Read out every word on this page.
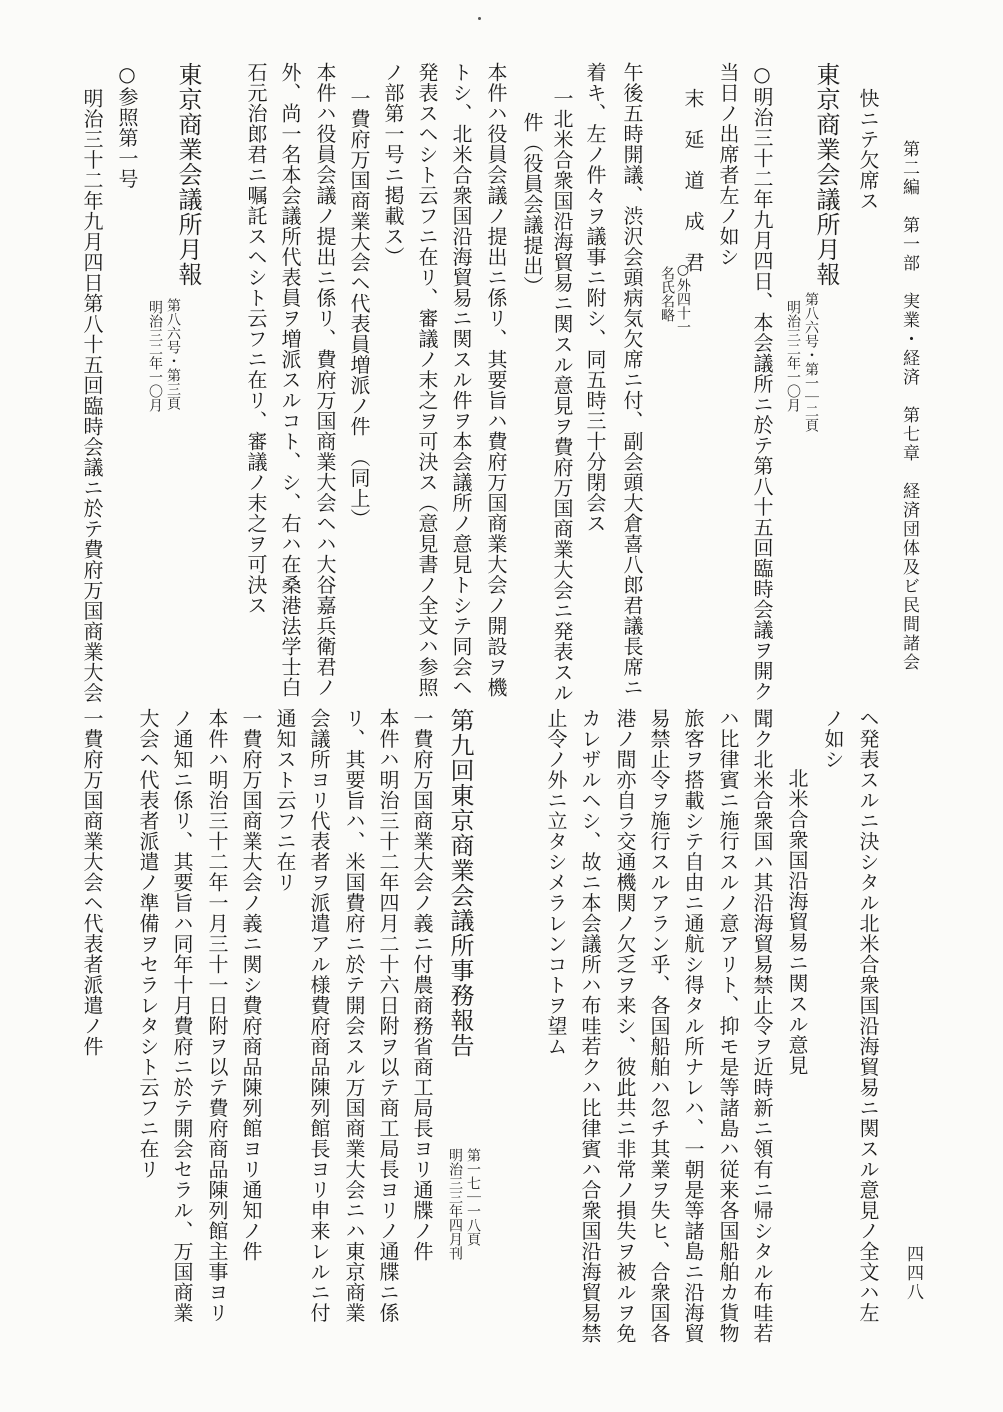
第二編　第一部　実業・経済　第七章　経済団体及ビ民間諸会
四四八
快ニテ欠席ス
東京商業会議所月報
第八六号・第一｜二頁
明治三二年一〇月
○明治三十二年九月四日、本会議所ニ於テ第八十五回臨時会議ヲ開ク
当日ノ出席者左ノ如シ
末　延　道　成　君
○外四十一
名氏名略
午後五時開議、渋沢会頭病気欠席ニ付、副会頭大倉喜八郎君議長席ニ
着キ、左ノ件々ヲ議事ニ附シ、同五時三十分閉会ス
一北米合衆国沿海貿易ニ関スル意見ヲ費府万国商業大会ニ発表スル
件（役員会議提出）
本件ハ役員会議ノ提出ニ係リ、其要旨ハ費府万国商業大会ノ開設ヲ機
トシ、北米合衆国沿海貿易ニ関スル件ヲ本会議所ノ意見トシテ同会ヘ
発表スヘシト云フニ在リ、審議ノ末之ヲ可決ス（意見書ノ全文ハ参照
ノ部第一号ニ掲載ス）
一費府万国商業大会ヘ代表員増派ノ件　（同上）
本件ハ役員会議ノ提出ニ係リ、費府万国商業大会ヘハ大谷嘉兵衛君ノ
外、尚一名本会議所代表員ヲ増派スルコト、シ、右ハ在桑港法学士白
石元治郎君ニ嘱託スヘシト云フニ在リ、審議ノ末之ヲ可決ス
東京商業会議所月報
第八六号・第三頁
明治三二年一〇月
○参照第一号
明治三十二年九月四日第八十五回臨時会議ニ於テ費府万国商業大会
ヘ発表スルニ決シタル北米合衆国沿海貿易ニ関スル意見ノ全文ハ左
ノ如シ
北米合衆国沿海貿易ニ関スル意見
聞ク北米合衆国ハ其沿海貿易禁止令ヲ近時新ニ領有ニ帰シタル布哇若
ハ比律賓ニ施行スルノ意アリト、抑モ是等諸島ハ従来各国船舶カ貨物
旅客ヲ搭載シテ自由ニ通航シ得タル所ナレハ、一朝是等諸島ニ沿海貿
易禁止令ヲ施行スルアラン乎、各国船舶ハ忽チ其業ヲ失ヒ、合衆国各
港ノ間亦自ラ交通機関ノ欠乏ヲ来シ、彼此共ニ非常ノ損失ヲ被ルヲ免
カレザルヘシ、故ニ本会議所ハ布哇若クハ比律賓ハ合衆国沿海貿易禁
止令ノ外ニ立タシメラレンコトヲ望ム
第九回東京商業会議所事務報告
第一七｜一八頁
明治三三年四月刊
一費府万国商業大会ノ義ニ付農商務省商工局長ヨリ通牒ノ件
本件ハ明治三十二年四月二十六日附ヲ以テ商工局長ヨリノ通牒ニ係
リ、其要旨ハ、米国費府ニ於テ開会スル万国商業大会ニハ東京商業
会議所ヨリ代表者ヲ派遣アル様費府商品陳列館長ヨリ申来レルニ付
通知スト云フニ在リ
一費府万国商業大会ノ義ニ関シ費府商品陳列館ヨリ通知ノ件
本件ハ明治三十二年一月三十一日附ヲ以テ費府商品陳列館主事ヨリ
ノ通知ニ係リ、其要旨ハ同年十月費府ニ於テ開会セラル、万国商業
大会ヘ代表者派遣ノ準備ヲセラレタシト云フニ在リ
一費府万国商業大会ヘ代表者派遣ノ件
